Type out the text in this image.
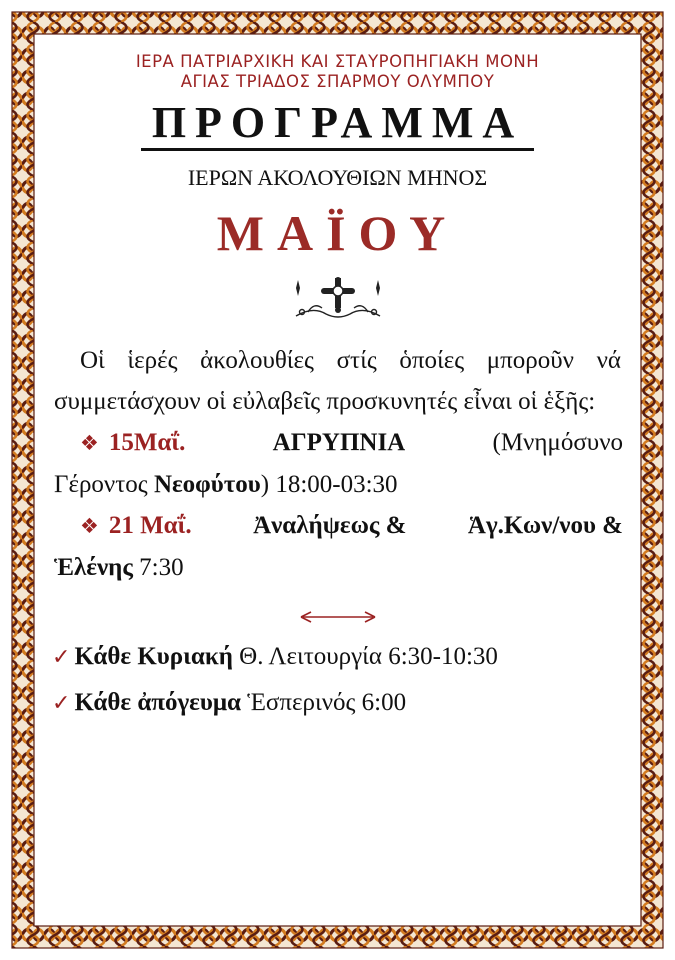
ΙΕΡΑ ΠΑΤΡΙΑΡΧΙΚΗ ΚΑΙ ΣΤΑΥΡΟΠΗΓΙΑΚΗ ΜΟΝΗ
ΑΓΙΑΣ ΤΡΙΑΔΟΣ ΣΠΑΡΜΟΥ ΟΛΥΜΠΟΥ
ΠΡΟΓΡΑΜΜΑ
ΙΕΡΩΝ ΑΚΟΛΟΥΘΙΩΝ ΜΗΝΟΣ
ΜΑΪΟΥ
Οἱ ἱερές ἀκολουθίες στίς ὁποίες μποροῦν νά συμμετάσχουν οἱ εὐλαβεῖς προσκυνητές εἶναι οἱ ἑξῆς:
❖ 15Μαΐ.	ΑΓΡΥΠΝΙΑ	(Μνημόσυνο
Γέροντος Νεοφύτου) 18:00-03:30
❖ 21 Μαΐ. Ἀναλήψεως & Ἁγ.Κων/νου &
Ἑλένης 7:30
✓ Κάθε Κυριακή Θ. Λειτουργία 6:30-10:30
✓ Κάθε ἀπόγευμα Ἑσπερινός 6:00
